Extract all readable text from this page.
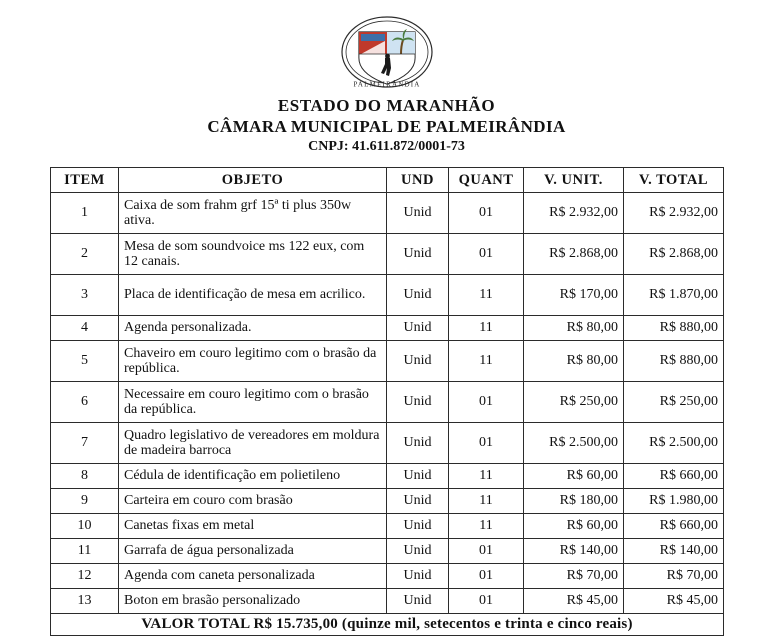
PALMEIRÂNDIA
ESTADO DO MARANHÃO
CÂMARA MUNICIPAL DE PALMEIRÂNDIA
CNPJ: 41.611.872/0001-73
ITEM	OBJETO	UND	QUANT	V. UNIT.	V. TOTAL
1	Caixa de som frahm grf 15ª ti plus 350w ativa.	Unid	01	R$ 2.932,00	R$ 2.932,00
2	Mesa de som soundvoice ms 122 eux, com 12 canais.	Unid	01	R$ 2.868,00	R$ 2.868,00
3	Placa de identificação de mesa em acrilico.	Unid	11	R$ 170,00	R$ 1.870,00
4	Agenda personalizada.	Unid	11	R$ 80,00	R$ 880,00
5	Chaveiro em couro legitimo com o brasão da república.	Unid	11	R$ 80,00	R$ 880,00
6	Necessaire em couro legitimo com o brasão da república.	Unid	01	R$ 250,00	R$ 250,00
7	Quadro legislativo de vereadores em moldura de madeira barroca	Unid	01	R$ 2.500,00	R$ 2.500,00
8	Cédula de identificação em polietileno	Unid	11	R$ 60,00	R$ 660,00
9	Carteira em couro com brasão	Unid	11	R$ 180,00	R$ 1.980,00
10	Canetas fixas em metal	Unid	11	R$ 60,00	R$ 660,00
11	Garrafa de água personalizada	Unid	01	R$ 140,00	R$ 140,00
12	Agenda com caneta personalizada	Unid	01	R$ 70,00	R$ 70,00
13	Boton em brasão personalizado	Unid	01	R$ 45,00	R$ 45,00
VALOR TOTAL R$ 15.735,00 (quinze mil, setecentos e trinta e cinco reais)					
